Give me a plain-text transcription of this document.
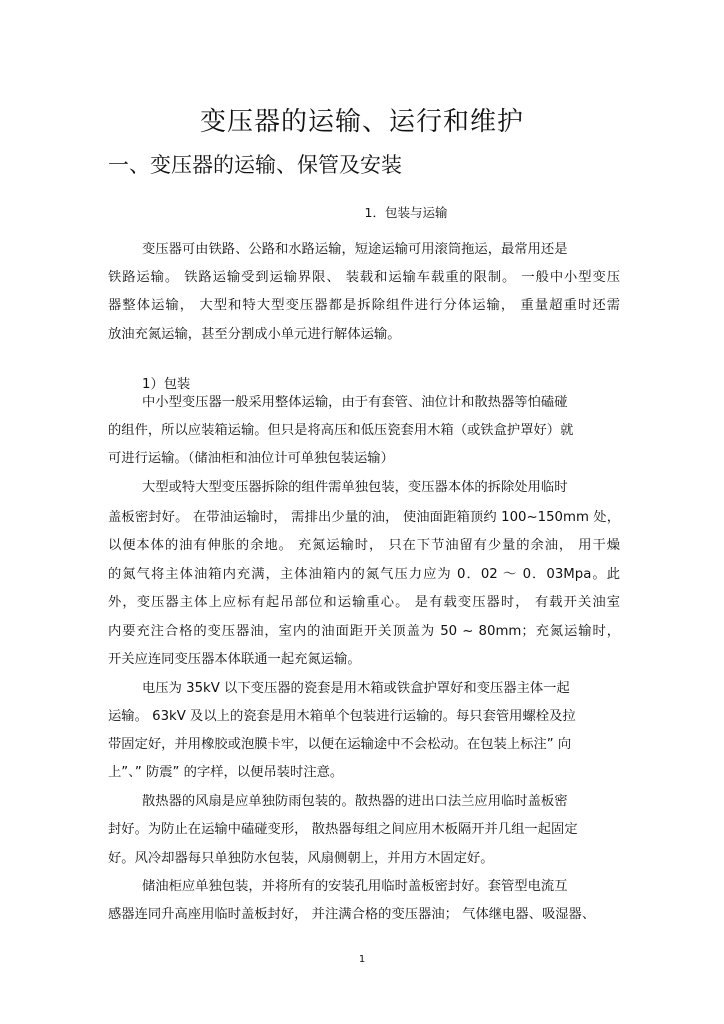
变压器的运输、运行和维护
一、变压器的运输、保管及安装
1．包装与运输
变压器可由铁路、公路和水路运输，短途运输可用滚筒拖运，最常用还是
铁路运输。 铁路运输受到运输界限、 装载和运输车载重的限制。 一般中小型变压
器整体运输， 大型和特大型变压器都是拆除组件进行分体运输， 重量超重时还需
放油充氮运输，甚至分割成小单元进行解体运输。
1）包装
中小型变压器一般采用整体运输，由于有套管、油位计和散热器等怕磕碰
的组件，所以应装箱运输。但只是将高压和低压瓷套用木箱（或铁盒护罩好）就
可进行运输。（储油柜和油位计可单独包装运输）
大型或特大型变压器拆除的组件需单独包装，变压器本体的拆除处用临时
盖板密封好。 在带油运输时， 需排出少量的油， 使油面距箱顶约 100~150mm 处，
以便本体的油有伸胀的余地。 充氮运输时， 只在下节油留有少量的余油， 用干燥
的氮气将主体油箱内充满，主体油箱内的氮气压力应为 0．02 ～ 0．03Mpa。此
外，变压器主体上应标有起吊部位和运输重心。 是有载变压器时， 有载开关油室
内要充注合格的变压器油，室内的油面距开关顶盖为 50 ~ 80mm；充氮运输时，
开关应连同变压器本体联通一起充氮运输。
电压为 35kV 以下变压器的瓷套是用木箱或铁盒护罩好和变压器主体一起
运输。 63kV 及以上的瓷套是用木箱单个包装进行运输的。每只套管用螺栓及拉
带固定好，并用橡胶或泡膜卡牢，以便在运输途中不会松动。在包装上标注” 向
上”、” 防震” 的字样，以便吊装时注意。
散热器的风扇是应单独防雨包装的。散热器的进出口法兰应用临时盖板密
封好。为防止在运输中磕碰变形， 散热器每组之间应用木板隔开并几组一起固定
好。风冷却器每只单独防水包装，风扇侧朝上，并用方木固定好。
储油柜应单独包装，并将所有的安装孔用临时盖板密封好。套管型电流互
感器连同升高座用临时盖板封好， 并注满合格的变压器油； 气体继电器、吸湿器、
1
